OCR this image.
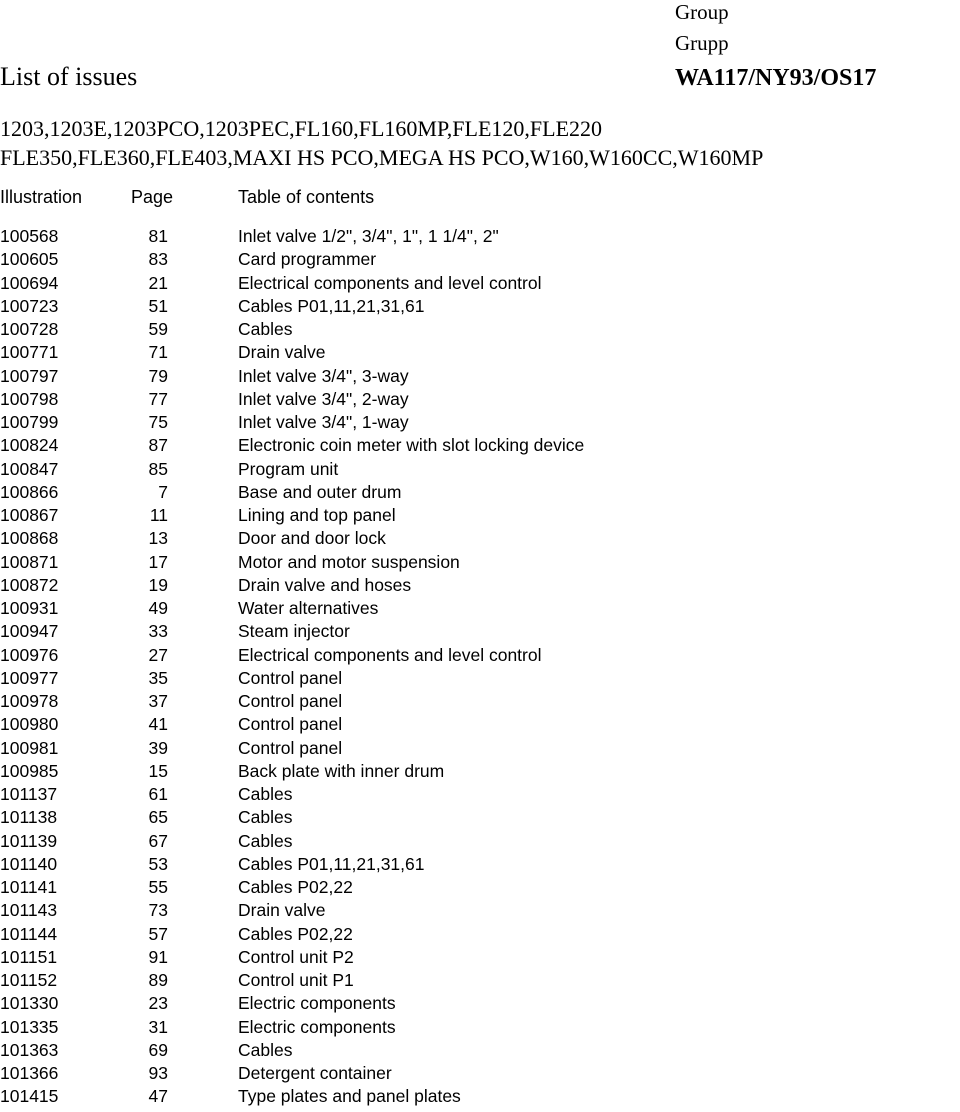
Group
Grupp
List of issues	WA117/NY93/OS17
1203,1203E,1203PCO,1203PEC,FL160,FL160MP,FLE120,FLE220
FLE350,FLE360,FLE403,MAXI HS PCO,MEGA HS PCO,W160,W160CC,W160MP
Illustration	Page	Table of contents
100568	81	Inlet valve 1/2", 3/4", 1", 1 1/4", 2"
100605	83	Card programmer
100694	21	Electrical components and level control
100723	51	Cables P01,11,21,31,61
100728	59	Cables
100771	71	Drain valve
100797	79	Inlet valve 3/4", 3-way
100798	77	Inlet valve 3/4", 2-way
100799	75	Inlet valve 3/4", 1-way
100824	87	Electronic coin meter with slot locking device
100847	85	Program unit
100866	7	Base and outer drum
100867	11	Lining and top panel
100868	13	Door and door lock
100871	17	Motor and motor suspension
100872	19	Drain valve and hoses
100931	49	Water alternatives
100947	33	Steam injector
100976	27	Electrical components and level control
100977	35	Control panel
100978	37	Control panel
100980	41	Control panel
100981	39	Control panel
100985	15	Back plate with inner drum
101137	61	Cables
101138	65	Cables
101139	67	Cables
101140	53	Cables P01,11,21,31,61
101141	55	Cables P02,22
101143	73	Drain valve
101144	57	Cables P02,22
101151	91	Control unit P2
101152	89	Control unit P1
101330	23	Electric components
101335	31	Electric components
101363	69	Cables
101366	93	Detergent container
101415	47	Type plates and panel plates
